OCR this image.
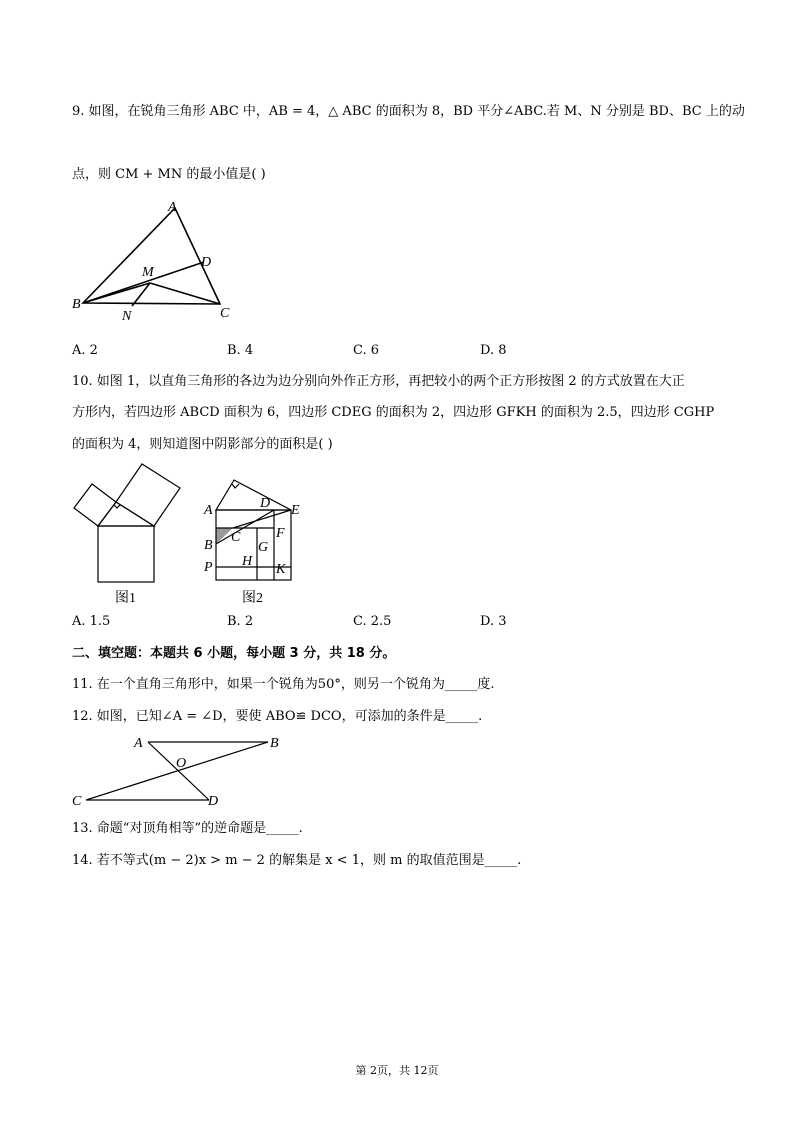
9. 如图，在锐角三角形 ABC 中，AB = 4，△ ABC 的面积为 8，BD 平分∠ABC.若 M、N 分别是 BD、BC 上的动
点，则 CM + MN 的最小值是( )
A
B
C
D
M
N
A. 2	B. 4	C. 6	D. 8
10. 如图 1，以直角三角形的各边为边分别向外作正方形，再把较小的两个正方形按图 2 的方式放置在大正
方形内，若四边形 ABCD 面积为 6，四边形 CDEG 的面积为 2，四边形 GFKH 的面积为 2.5，四边形 CGHP
的面积为 4，则知道图中阴影部分的面积是( )
图1
A
B
P
C
D E
F
G
H
K
图2
A. 1.5	B. 2	C. 2.5	D. 3
二、填空题：本题共 6 小题，每小题 3 分，共 18 分。
11. 在一个直角三角形中，如果一个锐角为50°，则另一个锐角为_____度.
12. 如图，已知∠A = ∠D，要使 ABO≌ DCO，可添加的条件是_____.
A	B
O
C	D
13. 命题“对顶角相等”的逆命题是_____.
14. 若不等式(m − 2)x > m − 2 的解集是 x < 1，则 m 的取值范围是_____.
第 2页，共 12页
